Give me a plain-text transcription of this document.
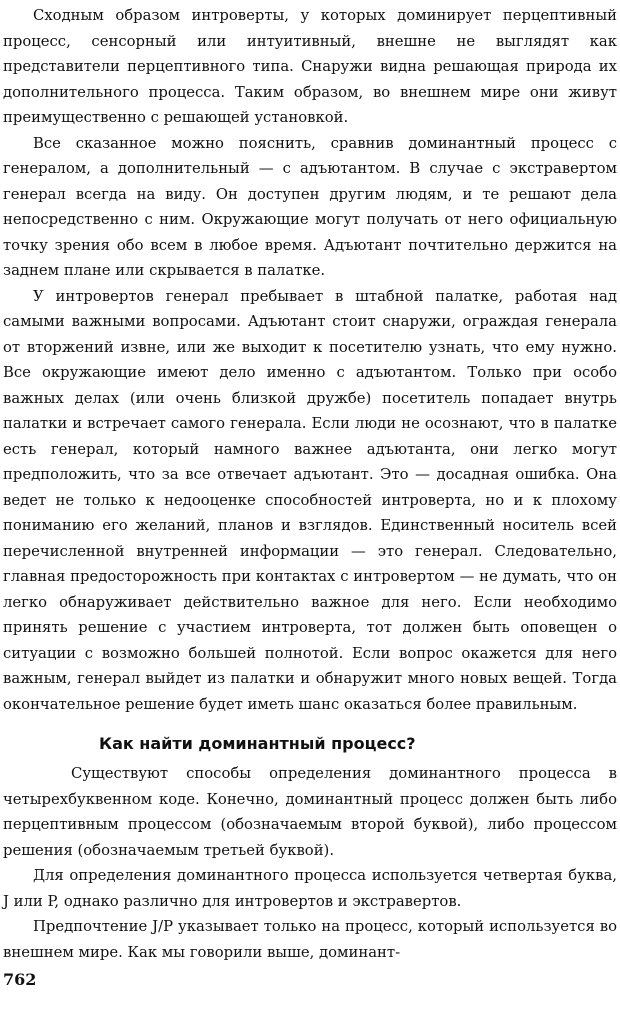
Сходным образом интроверты, у которых доминирует перцептивный процесс, сенсорный или интуитивный, внешне не выглядят как представители перцептивного типа. Снаружи видна решающая природа их дополнительного процесса. Таким образом, во внешнем мире они живут преимущественно с решающей установкой.

Все сказанное можно пояснить, сравнив доминантный процесс с генералом, а дополнительный — с адъютантом. В случае с экстравертом генерал всегда на виду. Он доступен другим людям, и те решают дела непосредственно с ним. Окружающие могут получать от него официальную точку зрения обо всем в любое время. Адъютант почтительно держится на заднем плане или скрывается в палатке.

У интровертов генерал пребывает в штабной палатке, работая над самыми важными вопросами. Адъютант стоит снаружи, ограждая генерала от вторжений извне, или же выходит к посетителю узнать, что ему нужно. Все окружающие имеют дело именно с адъютантом. Только при особо важных делах (или очень близкой дружбе) посетитель попадает внутрь палатки и встречает самого генерала. Если люди не осознают, что в палатке есть генерал, который намного важнее адъютанта, они легко могут предположить, что за все отвечает адъютант. Это — досадная ошибка. Она ведет не только к недооценке способностей интроверта, но и к плохому пониманию его желаний, планов и взглядов. Единственный носитель всей перечисленной внутренней информации — это генерал. Следовательно, главная предосторожность при контактах с интровертом — не думать, что он легко обнаруживает действительно важное для него. Если необходимо принять решение с участием интроверта, тот должен быть оповещен о ситуации с возможно большей полнотой. Если вопрос окажется для него важным, генерал выйдет из палатки и обнаружит много новых вещей. Тогда окончательное решение будет иметь шанс оказаться более правильным.

Как найти доминантный процесс?

Существуют способы определения доминантного процесса в четырехбуквенном коде. Конечно, доминантный процесс должен быть либо перцептивным процессом (обозначаемым второй буквой), либо процессом решения (обозначаемым третьей буквой).

Для определения доминантного процесса используется четвертая буква, J или P, однако различно для интровертов и экстравертов.

Предпочтение J/P указывает только на процесс, который используется во внешнем мире. Как мы говорили выше, доминант-

762
